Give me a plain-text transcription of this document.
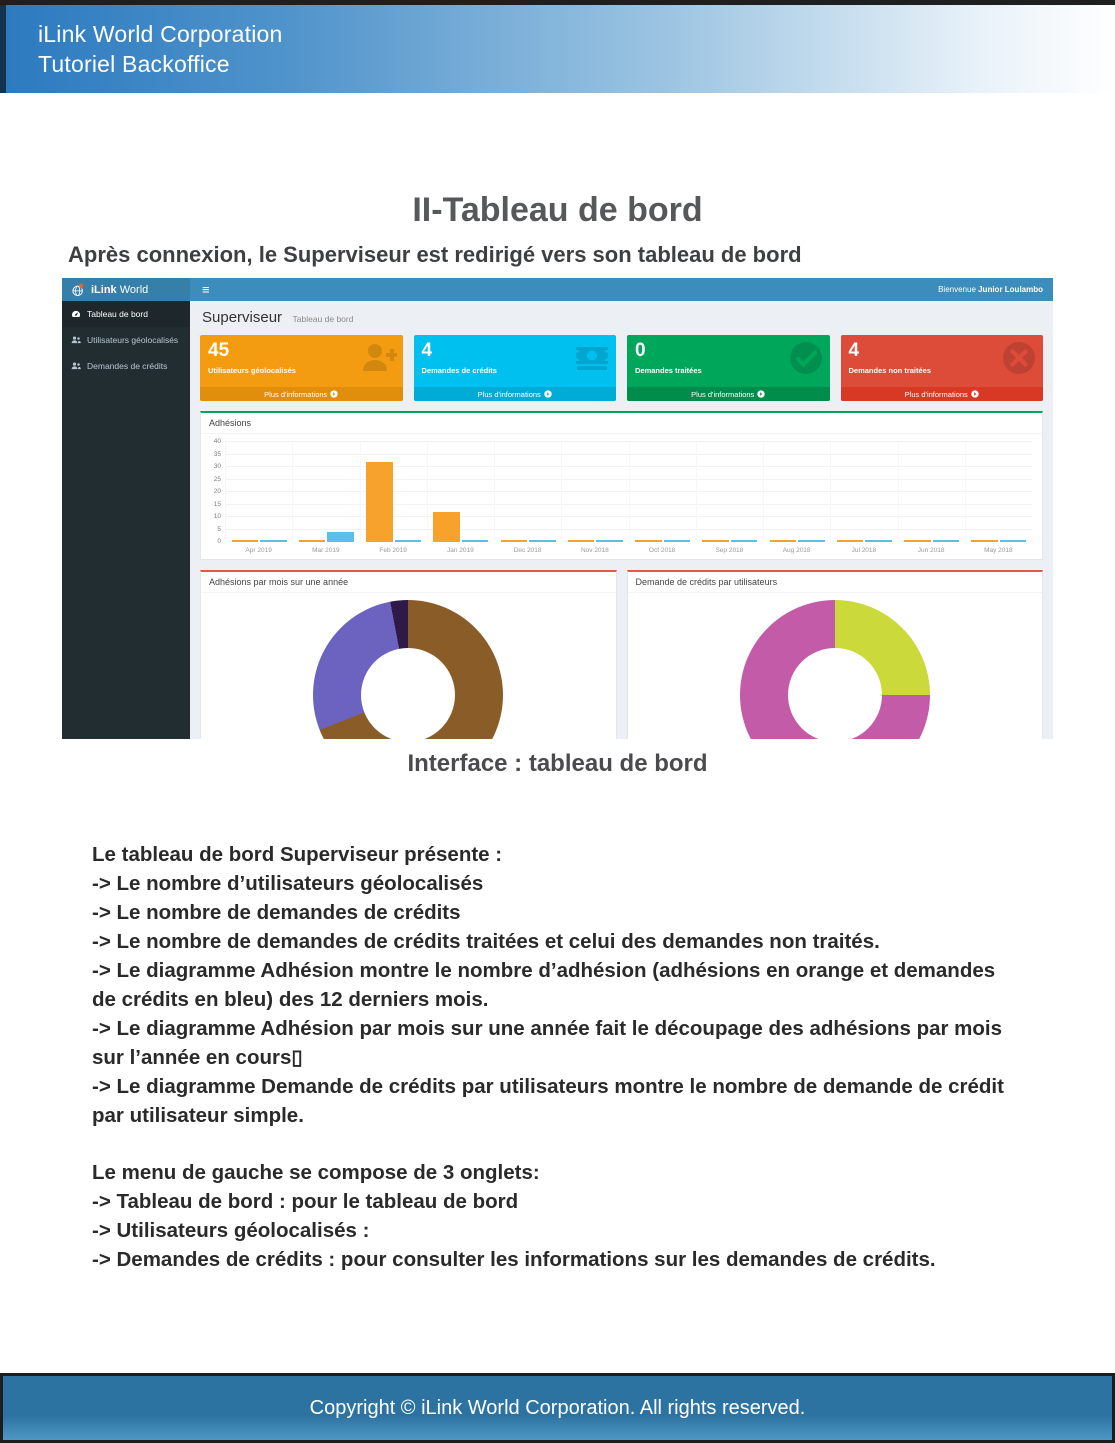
iLink World Corporation
Tutoriel Backoffice
II-Tableau de bord
Après connexion, le Superviseur est redirigé vers son tableau de bord
iLink World	≡	Bienvenue Junior Loulambo
Tableau de bord
Utilisateurs géolocalisés
Demandes de crédits
Superviseur Tableau de bord
45
Utilisateurs géolocalisés
Plus d'informations
4
Demandes de crédits
Plus d'informations
0
Demandes traitées
Plus d'informations
4
Demandes non traitées
Plus d'informations
Adhésions
0
5
10
15
20
25
30
35
40
Apr 2019	Mar 2019	Feb 2019	Jan 2019	Dec 2018	Nov 2018	Oct 2018	Sep 2018	Aug 2018	Jul 2018	Jun 2018	May 2018
Adhésions par mois sur une année	Demande de crédits par utilisateurs
Interface : tableau de bord
Le tableau de bord Superviseur présente :
-> Le nombre d’utilisateurs géolocalisés
-> Le nombre de demandes de crédits
-> Le nombre de demandes de crédits traitées et celui des demandes non traités.
-> Le diagramme Adhésion montre le nombre d’adhésion (adhésions en orange et demandes
de crédits en bleu) des 12 derniers mois.
-> Le diagramme Adhésion par mois sur une année fait le découpage des adhésions par mois
sur l’année en cours▯
-> Le diagramme Demande de crédits par utilisateurs montre le nombre de demande de crédit
par utilisateur simple.
Le menu de gauche se compose de 3 onglets:
-> Tableau de bord : pour le tableau de bord
-> Utilisateurs géolocalisés :
-> Demandes de crédits : pour consulter les informations sur les demandes de crédits.
Copyright © iLink World Corporation. All rights reserved.
